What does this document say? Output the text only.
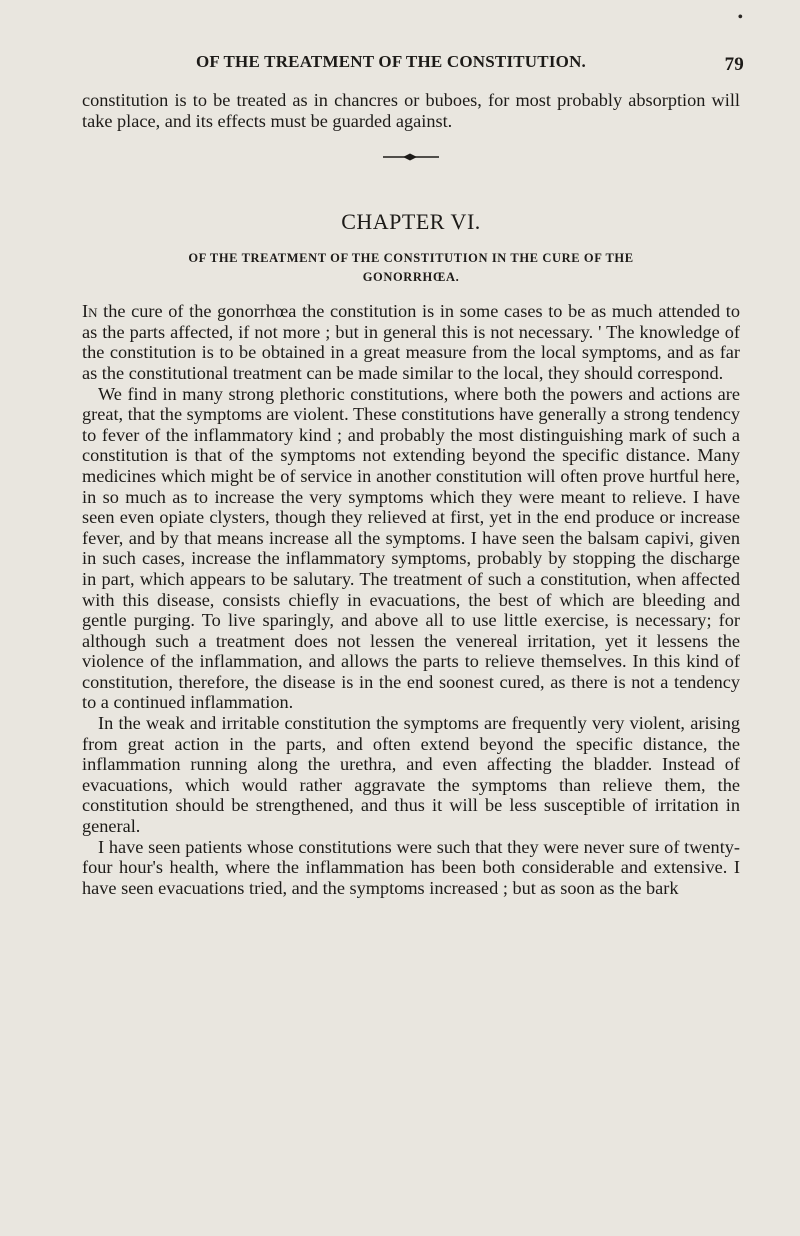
OF THE TREATMENT OF THE CONSTITUTION.	79
•

constitution is to be treated as in chancres or buboes, for most probably absorption will take place, and its effects must be guarded against.

CHAPTER VI.
OF THE TREATMENT OF THE CONSTITUTION IN THE CURE OF THE
GONORRHŒA.

In the cure of the gonorrhœa the constitution is in some cases to be as much attended to as the parts affected, if not more ; but in general this is not necessary. ' The knowledge of the constitution is to be obtained in a great measure from the local symptoms, and as far as the constitutional treatment can be made similar to the local, they should correspond.

We find in many strong plethoric constitutions, where both the powers and actions are great, that the symptoms are violent. These constitutions have generally a strong tendency to fever of the inflammatory kind ; and probably the most distinguishing mark of such a constitution is that of the symptoms not extending beyond the specific distance. Many medicines which might be of service in another constitution will often prove hurtful here, in so much as to increase the very symptoms which they were meant to relieve. I have seen even opiate clysters, though they relieved at first, yet in the end produce or increase fever, and by that means increase all the symptoms. I have seen the balsam capivi, given in such cases, increase the inflammatory symptoms, probably by stopping the discharge in part, which appears to be salutary. The treatment of such a constitution, when affected with this disease, consists chiefly in evacuations, the best of which are bleeding and gentle purging. To live sparingly, and above all to use little exercise, is necessary; for although such a treatment does not lessen the venereal irritation, yet it lessens the violence of the inflammation, and allows the parts to relieve themselves. In this kind of constitution, therefore, the disease is in the end soonest cured, as there is not a tendency to a continued inflammation.

In the weak and irritable constitution the symptoms are frequently very violent, arising from great action in the parts, and often extend beyond the specific distance, the inflammation running along the urethra, and even affecting the bladder. Instead of evacuations, which would rather aggravate the symptoms than relieve them, the constitution should be strengthened, and thus it will be less susceptible of irritation in general.

I have seen patients whose constitutions were such that they were never sure of twenty-four hour's health, where the inflammation has been both considerable and extensive. I have seen evacuations tried, and the symptoms increased ; but as soon as the bark
